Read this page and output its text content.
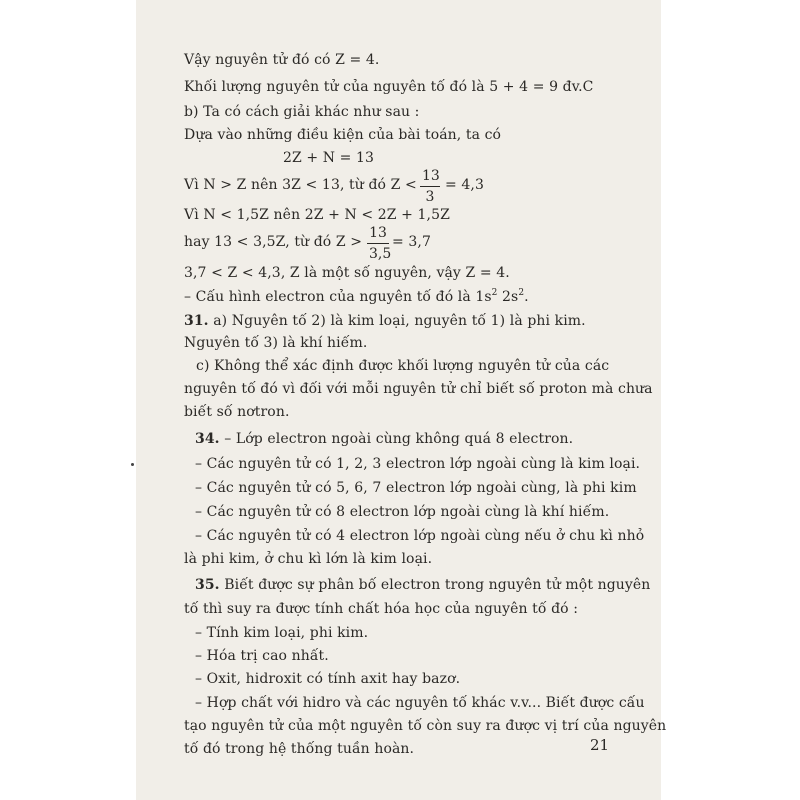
Vậy nguyên tử đó có Z = 4.
Khối lượng nguyên tử của nguyên tố đó là 5 + 4 = 9 đv.C
b) Ta có cách giải khác như sau :
Dựa vào những điều kiện của bài toán, ta có
2Z + N = 13
Vì N > Z nên 3Z < 13, từ đó Z <
13
3
= 4,3
Vì N < 1,5Z nên 2Z + N < 2Z + 1,5Z
hay 13 < 3,5Z, từ đó Z >
13
3,5
= 3,7
3,7 < Z < 4,3, Z là một số nguyên, vậy Z = 4.
– Cấu hình electron của nguyên tố đó là $1s^2$ $2s^2$.
31. a) Nguyên tố 2) là kim loại, nguyên tố 1) là phi kim.
Nguyên tố 3) là khí hiếm.
c) Không thể xác định được khối lượng nguyên tử của các
nguyên tố đó vì đối với mỗi nguyên tử chỉ biết số proton mà chưa
biết số nơtron.
34. – Lớp electron ngoài cùng không quá 8 electron.
– Các nguyên tử có 1, 2, 3 electron lớp ngoài cùng là kim loại.
– Các nguyên tử có 5, 6, 7 electron lớp ngoài cùng, là phi kim
– Các nguyên tử có 8 electron lớp ngoài cùng là khí hiếm.
– Các nguyên tử có 4 electron lớp ngoài cùng nếu ở chu kì nhỏ
là phi kim, ở chu kì lớn là kim loại.
35. Biết được sự phân bố electron trong nguyên tử một nguyên
tố thì suy ra được tính chất hóa học của nguyên tố đó :
– Tính kim loại, phi kim.
– Hóa trị cao nhất.
– Oxit, hidroxit có tính axit hay bazơ.
– Hợp chất với hidro và các nguyên tố khác v.v... Biết được cấu
tạo nguyên tử của một nguyên tố còn suy ra được vị trí của nguyên
tố đó trong hệ thống tuần hoàn.	21
